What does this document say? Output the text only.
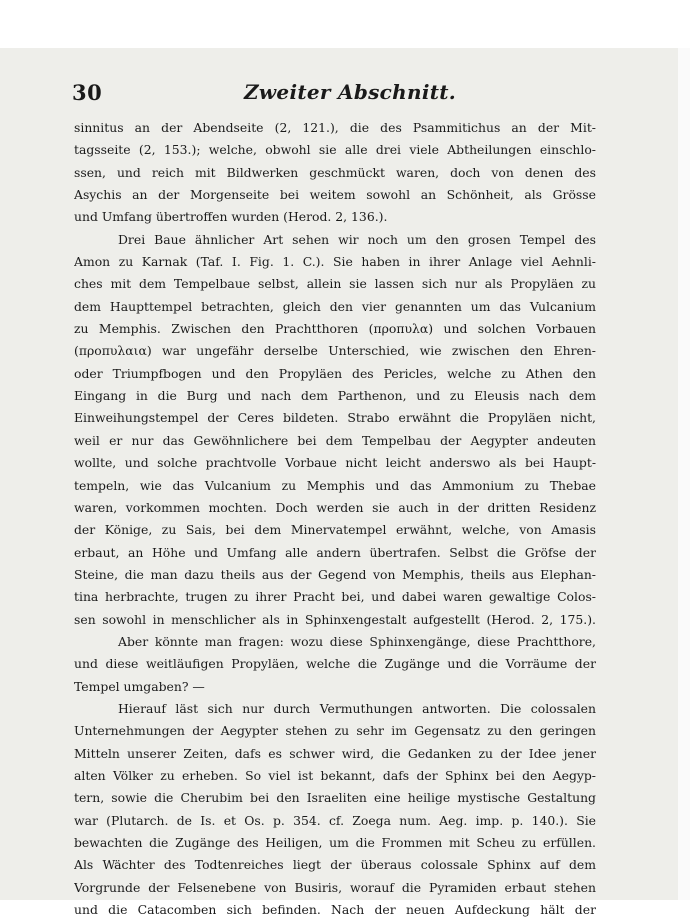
30	Zweiter Abschnitt.
sinnitus an der Abendseite (2, 121.), die des Psammitichus an der Mit-
tagsseite (2, 153.); welche, obwohl sie alle drei viele Abtheilungen einschlo-
ssen, und reich mit Bildwerken geschmückt waren, doch von denen des
Asychis an der Morgenseite bei weitem sowohl an Schönheit, als Grösse
und Umfang übertroffen wurden (Herod. 2, 136.).
Drei Baue ähnlicher Art sehen wir noch um den grosen Tempel des
Amon zu Karnak (Taf. I. Fig. 1. C.). Sie haben in ihrer Anlage viel Aehnli-
ches mit dem Tempelbaue selbst, allein sie lassen sich nur als Propyläen zu
dem Haupttempel betrachten, gleich den vier genannten um das Vulcanium
zu Memphis. Zwischen den Prachtthoren (προπυλα) und solchen Vorbauen
(προπυλαια) war ungefähr derselbe Unterschied, wie zwischen den Ehren-
oder Triumpfbogen und den Propyläen des Pericles, welche zu Athen den
Eingang in die Burg und nach dem Parthenon, und zu Eleusis nach dem
Einweihungstempel der Ceres bildeten. Strabo erwähnt die Propyläen nicht,
weil er nur das Gewöhnlichere bei dem Tempelbau der Aegypter andeuten
wollte, und solche prachtvolle Vorbaue nicht leicht anderswo als bei Haupt-
tempeln, wie das Vulcanium zu Memphis und das Ammonium zu Thebae
waren, vorkommen mochten. Doch werden sie auch in der dritten Residenz
der Könige, zu Sais, bei dem Minervatempel erwähnt, welche, von Amasis
erbaut, an Höhe und Umfang alle andern übertrafen. Selbst die Gröfse der
Steine, die man dazu theils aus der Gegend von Memphis, theils aus Elephan-
tina herbrachte, trugen zu ihrer Pracht bei, und dabei waren gewaltige Colos-
sen sowohl in menschlicher als in Sphinxengestalt aufgestellt (Herod. 2, 175.).
Aber könnte man fragen: wozu diese Sphinxengänge, diese Prachtthore,
und diese weitläufigen Propyläen, welche die Zugänge und die Vorräume der
Tempel umgaben? —
Hierauf läst sich nur durch Vermuthungen antworten. Die colossalen
Unternehmungen der Aegypter stehen zu sehr im Gegensatz zu den geringen
Mitteln unserer Zeiten, dafs es schwer wird, die Gedanken zu der Idee jener
alten Völker zu erheben. So viel ist bekannt, dafs der Sphinx bei den Aegyp-
tern, sowie die Cherubim bei den Israeliten eine heilige mystische Gestaltung
war (Plutarch. de Is. et Os. p. 354. cf. Zoega num. Aeg. imp. p. 140.). Sie
bewachten die Zugänge des Heiligen, um die Frommen mit Scheu zu erfüllen.
Als Wächter des Todtenreiches liegt der überaus colossale Sphinx auf dem
Vorgrunde der Felsenebene von Busiris, worauf die Pyramiden erbaut stehen
und die Catacomben sich befinden. Nach der neuen Aufdeckung hält der
